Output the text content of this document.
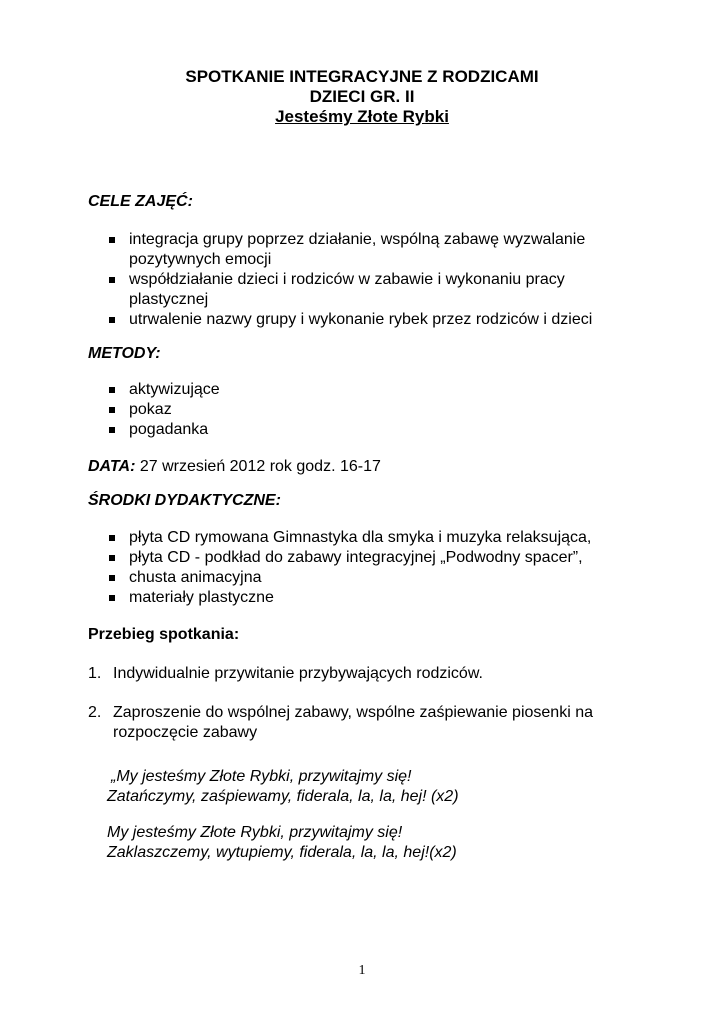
SPOTKANIE INTEGRACYJNE Z RODZICAMI
DZIECI GR. II
Jesteśmy Złote Rybki
CELE ZAJĘĆ:
integracja grupy poprzez działanie, wspólną zabawę wyzwalanie pozytywnych emocji
współdziałanie dzieci i rodziców w zabawie i wykonaniu pracy plastycznej
utrwalenie nazwy grupy i wykonanie rybek przez rodziców i dzieci
METODY:
aktywizujące
pokaz
pogadanka
DATA: 27 wrzesień 2012 rok godz. 16-17
ŚRODKI DYDAKTYCZNE:
płyta CD rymowana Gimnastyka dla smyka i muzyka relaksująca,
płyta CD - podkład do zabawy integracyjnej „Podwodny spacer”,
chusta animacyjna
materiały plastyczne
Przebieg spotkania:
1. Indywidualnie przywitanie przybywających rodziców.
2. Zaproszenie do wspólnej zabawy, wspólne zaśpiewanie piosenki na rozpoczęcie zabawy
„My jesteśmy Złote Rybki, przywitajmy się!
Zatańczymy, zaśpiewamy, fiderala, la, la, hej! (x2)
My jesteśmy Złote Rybki, przywitajmy się!
Zaklaszczemy, wytupiemy, fiderala, la, la, hej!(x2)
1
